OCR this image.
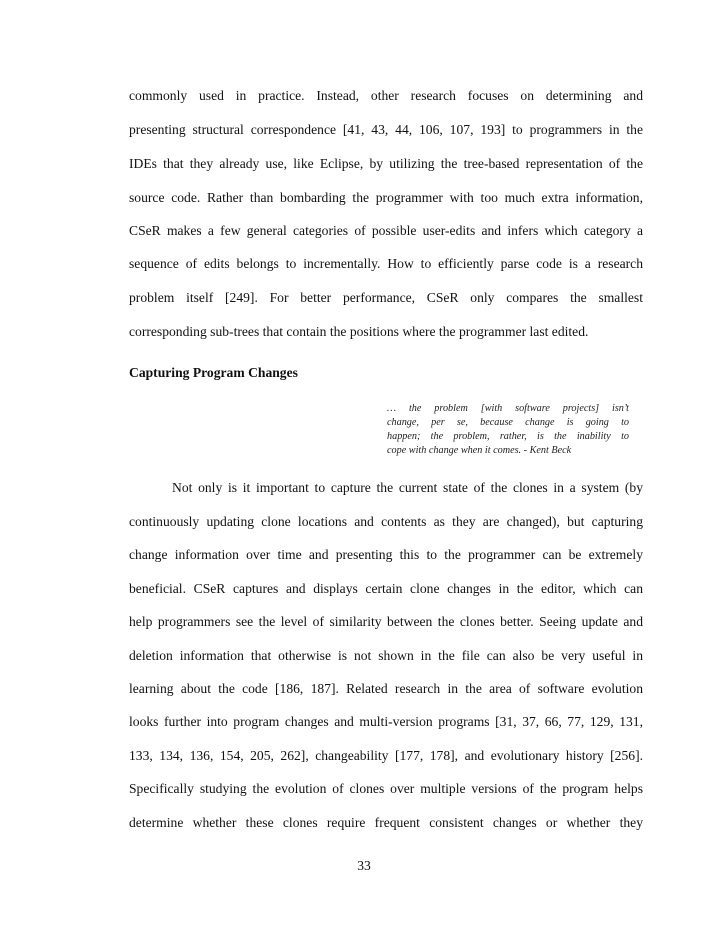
commonly used in practice. Instead, other research focuses on determining and
presenting structural correspondence [41, 43, 44, 106, 107, 193] to programmers in the
IDEs that they already use, like Eclipse, by utilizing the tree-based representation of the
source code. Rather than bombarding the programmer with too much extra information,
CSeR makes a few general categories of possible user-edits and infers which category a
sequence of edits belongs to incrementally. How to efficiently parse code is a research
problem itself [249]. For better performance, CSeR only compares the smallest
corresponding sub-trees that contain the positions where the programmer last edited.
Capturing Program Changes
… the problem [with software projects] isn’t
change, per se, because change is going to
happen; the problem, rather, is the inability to
cope with change when it comes. - Kent Beck
Not only is it important to capture the current state of the clones in a system (by
continuously updating clone locations and contents as they are changed), but capturing
change information over time and presenting this to the programmer can be extremely
beneficial. CSeR captures and displays certain clone changes in the editor, which can
help programmers see the level of similarity between the clones better. Seeing update and
deletion information that otherwise is not shown in the file can also be very useful in
learning about the code [186, 187]. Related research in the area of software evolution
looks further into program changes and multi-version programs [31, 37, 66, 77, 129, 131,
133, 134, 136, 154, 205, 262], changeability [177, 178], and evolutionary history [256].
Specifically studying the evolution of clones over multiple versions of the program helps
determine whether these clones require frequent consistent changes or whether they
33
